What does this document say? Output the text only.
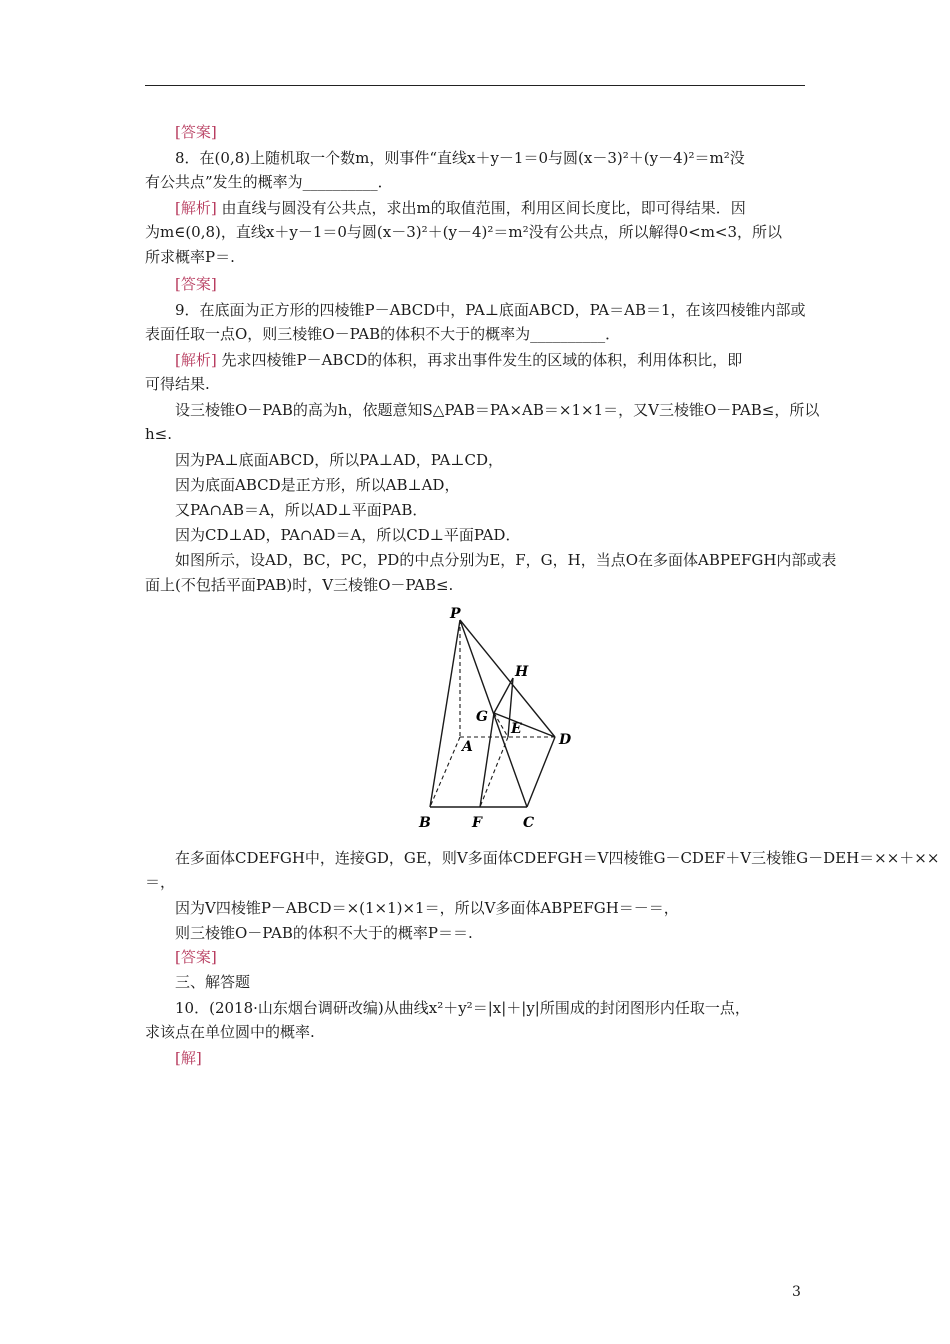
[答案]
8．在(0,8)上随机取一个数m，则事件“直线x＋y－1＝0与圆(x－3)²＋(y－4)²＝m²没
有公共点”发生的概率为__________．
[解析] 由直线与圆没有公共点，求出m的取值范围，利用区间长度比，即可得结果．因
为m∈(0,8)，直线x＋y－1＝0与圆(x－3)²＋(y－4)²＝m²没有公共点，所以解得0<m<3，所以
所求概率P＝.
[答案]
9．在底面为正方形的四棱锥P－ABCD中，PA⊥底面ABCD，PA＝AB＝1，在该四棱锥内部或
表面任取一点O，则三棱锥O－PAB的体积不大于的概率为__________．
[解析] 先求四棱锥P－ABCD的体积，再求出事件发生的区域的体积，利用体积比，即
可得结果.
设三棱锥O－PAB的高为h，依题意知S△PAB＝PA×AB＝×1×1＝，又V三棱锥O－PAB≤，所以
h≤.
因为PA⊥底面ABCD，所以PA⊥AD，PA⊥CD，
因为底面ABCD是正方形，所以AB⊥AD，
又PA∩AB＝A，所以AD⊥平面PAB．
因为CD⊥AD，PA∩AD＝A，所以CD⊥平面PAD．
如图所示，设AD，BC，PC，PD的中点分别为E，F，G，H，当点O在多面体ABPEFGH内部或表
面上(不包括平面PAB)时，V三棱锥O－PAB≤.
P
H
G
E
A	D
B	F	C
在多面体CDEFGH中，连接GD，GE，则V多面体CDEFGH＝V四棱锥G－CDEF＋V三棱锥G－DEH＝××＋××
＝，
因为V四棱锥P－ABCD＝×(1×1)×1＝，所以V多面体ABPEFGH＝－＝，
则三棱锥O－PAB的体积不大于的概率P＝＝.
[答案]
三、解答题
10．(2018·山东烟台调研改编)从曲线x²＋y²＝|x|＋|y|所围成的封闭图形内任取一点，
求该点在单位圆中的概率.
[解]
3
